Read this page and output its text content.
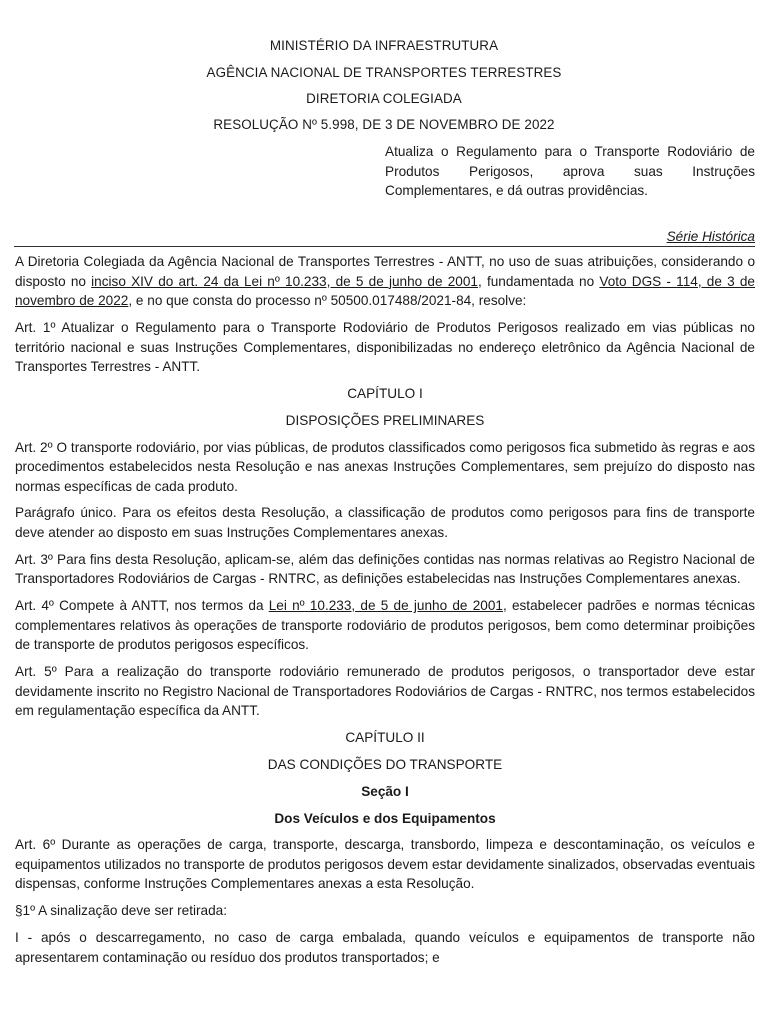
MINISTÉRIO DA INFRAESTRUTURA
AGÊNCIA NACIONAL DE TRANSPORTES TERRESTRES
DIRETORIA COLEGIADA
RESOLUÇÃO Nº 5.998, DE 3 DE NOVEMBRO DE 2022
Atualiza o Regulamento para o Transporte Rodoviário de Produtos Perigosos, aprova suas Instruções Complementares, e dá outras providências.
Série Histórica

A Diretoria Colegiada da Agência Nacional de Transportes Terrestres - ANTT, no uso de suas atribuições, considerando o disposto no inciso XIV do art. 24 da Lei nº 10.233, de 5 de junho de 2001, fundamentada no Voto DGS - 114, de 3 de novembro de 2022, e no que consta do processo nº 50500.017488/2021-84, resolve:

Art. 1º Atualizar o Regulamento para o Transporte Rodoviário de Produtos Perigosos realizado em vias públicas no território nacional e suas Instruções Complementares, disponibilizadas no endereço eletrônico da Agência Nacional de Transportes Terrestres - ANTT.

CAPÍTULO I

DISPOSIÇÕES PRELIMINARES

Art. 2º O transporte rodoviário, por vias públicas, de produtos classificados como perigosos fica submetido às regras e aos procedimentos estabelecidos nesta Resolução e nas anexas Instruções Complementares, sem prejuízo do disposto nas normas específicas de cada produto.

Parágrafo único. Para os efeitos desta Resolução, a classificação de produtos como perigosos para fins de transporte deve atender ao disposto em suas Instruções Complementares anexas.

Art. 3º Para fins desta Resolução, aplicam-se, além das definições contidas nas normas relativas ao Registro Nacional de Transportadores Rodoviários de Cargas - RNTRC, as definições estabelecidas nas Instruções Complementares anexas.

Art. 4º Compete à ANTT, nos termos da Lei nº 10.233, de 5 de junho de 2001, estabelecer padrões e normas técnicas complementares relativos às operações de transporte rodoviário de produtos perigosos, bem como determinar proibições de transporte de produtos perigosos específicos.

Art. 5º Para a realização do transporte rodoviário remunerado de produtos perigosos, o transportador deve estar devidamente inscrito no Registro Nacional de Transportadores Rodoviários de Cargas - RNTRC, nos termos estabelecidos em regulamentação específica da ANTT.

CAPÍTULO II

DAS CONDIÇÕES DO TRANSPORTE

Seção I

Dos Veículos e dos Equipamentos

Art. 6º Durante as operações de carga, transporte, descarga, transbordo, limpeza e descontaminação, os veículos e equipamentos utilizados no transporte de produtos perigosos devem estar devidamente sinalizados, observadas eventuais dispensas, conforme Instruções Complementares anexas a esta Resolução.

§1º A sinalização deve ser retirada:

I - após o descarregamento, no caso de carga embalada, quando veículos e equipamentos de transporte não apresentarem contaminação ou resíduo dos produtos transportados; e
